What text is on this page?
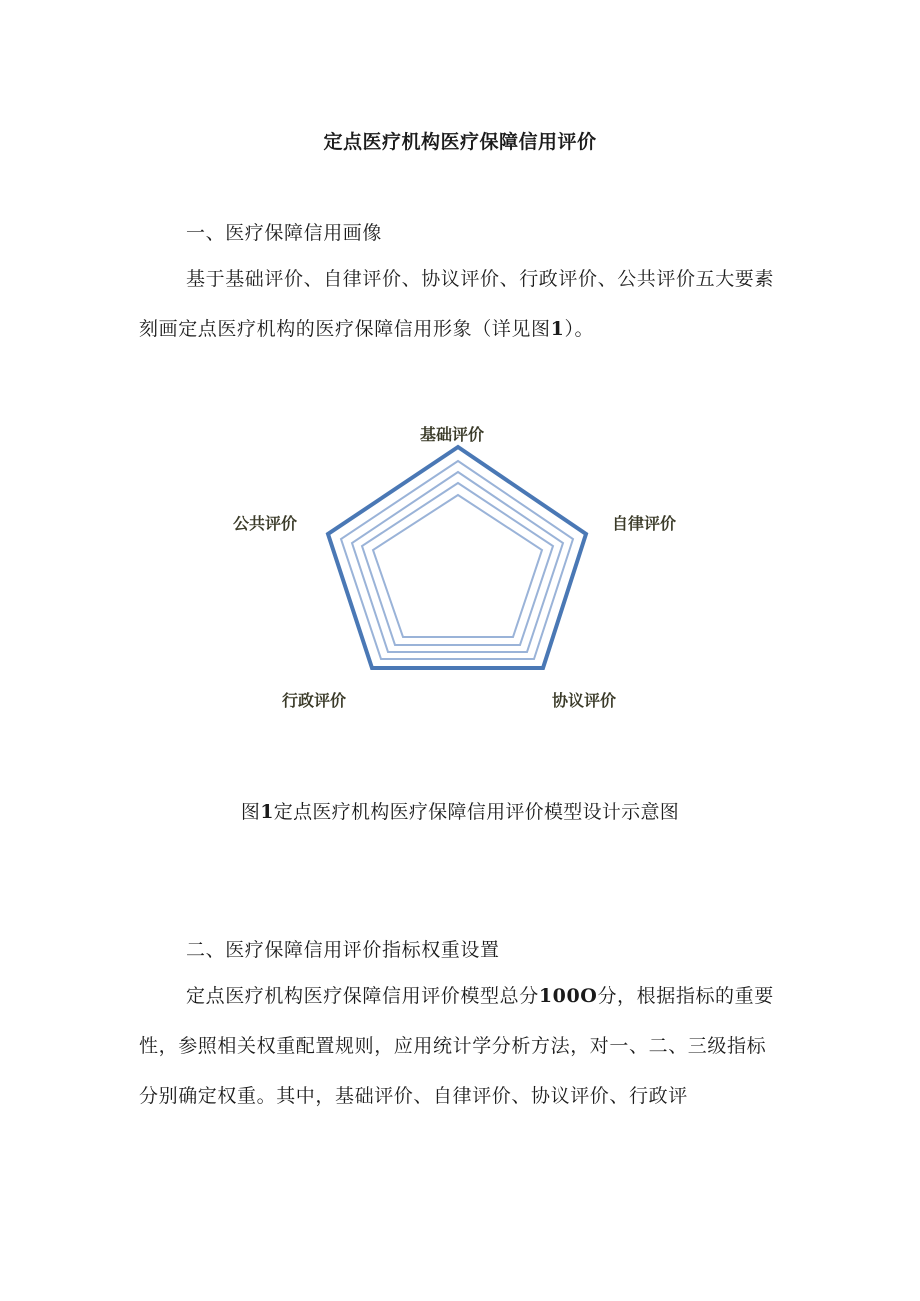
定点医疗机构医疗保障信用评价
一、医疗保障信用画像
基于基础评价、自律评价、协议评价、行政评价、公共评价五大要素
刻画定点医疗机构的医疗保障信用形象（详见图1）。
基础评价
自律评价
协议评价
行政评价
公共评价
图1定点医疗机构医疗保障信用评价模型设计示意图
二、医疗保障信用评价指标权重设置
定点医疗机构医疗保障信用评价模型总分100O分，根据指标的重要
性，参照相关权重配置规则，应用统计学分析方法，对一、二、三级指标
分别确定权重。其中，基础评价、自律评价、协议评价、行政评
